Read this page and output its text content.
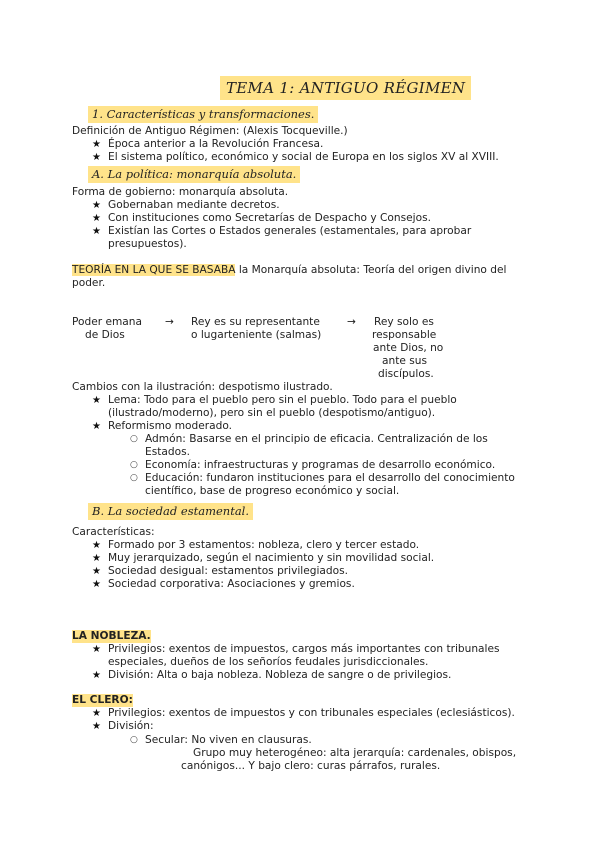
TEMA 1: ANTIGUO RÉGIMEN
1. Características y transformaciones.
Definición de Antiguo Régimen: (Alexis Tocqueville.)
★ Época anterior a la Revolución Francesa.
★ El sistema político, económico y social de Europa en los siglos XV al XVIII.
A. La política: monarquía absoluta.
Forma de gobierno: monarquía absoluta.
★ Gobernaban mediante decretos.
★ Con instituciones como Secretarías de Despacho y Consejos.
★ Existían las Cortes o Estados generales (estamentales, para aprobar
presupuestos).
TEORÍA EN LA QUE SE BASABA la Monarquía absoluta: Teoría del origen divino del
poder.
Poder emana
de Dios
→ Rey es su representante
o lugarteniente (salmas)
→ Rey solo es
responsable
ante Dios, no
ante sus
discípulos.
Cambios con la ilustración: despotismo ilustrado.
★ Lema: Todo para el pueblo pero sin el pueblo. Todo para el pueblo
(ilustrado/moderno), pero sin el pueblo (despotismo/antiguo).
★ Reformismo moderado.
○ Admón: Basarse en el principio de eficacia. Centralización de los
Estados.
○ Economía: infraestructuras y programas de desarrollo económico.
○ Educación: fundaron instituciones para el desarrollo del conocimiento
científico, base de progreso económico y social.
B. La sociedad estamental.
Características:
★ Formado por 3 estamentos: nobleza, clero y tercer estado.
★ Muy jerarquizado, según el nacimiento y sin movilidad social.
★ Sociedad desigual: estamentos privilegiados.
★ Sociedad corporativa: Asociaciones y gremios.
LA NOBLEZA.
★ Privilegios: exentos de impuestos, cargos más importantes con tribunales
especiales, dueños de los señoríos feudales jurisdiccionales.
★ División: Alta o baja nobleza. Nobleza de sangre o de privilegios.
EL CLERO:
★ Privilegios: exentos de impuestos y con tribunales especiales (eclesiásticos).
★ División:
○ Secular: No viven en clausuras.
Grupo muy heterogéneo: alta jerarquía: cardenales, obispos,
canónigos... Y bajo clero: curas párrafos, rurales.
